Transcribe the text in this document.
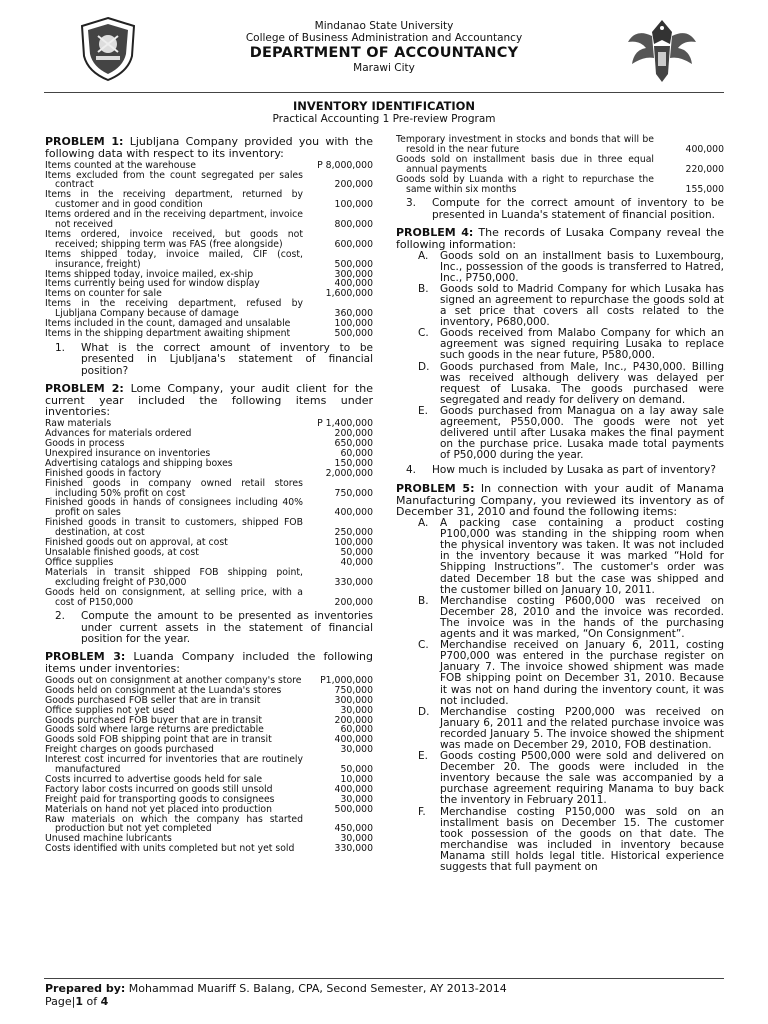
Mindanao State University
College of Business Administration and Accountancy
DEPARTMENT OF ACCOUNTANCY
Marawi City
INVENTORY IDENTIFICATION
Practical Accounting 1 Pre-review Program
PROBLEM 1: Ljubljana Company provided you with the following data with respect to its inventory:
Items counted at the warehouse	P 8,000,000
Items excluded from the count segregated per sales contract	200,000
Items in the receiving department, returned by customer and in good condition	100,000
Items ordered and in the receiving department, invoice not received	800,000
Items ordered, invoice received, but goods not received; shipping term was FAS (free alongside)	600,000
Items shipped today, invoice mailed, CIF (cost, insurance, freight)	500,000
Items shipped today, invoice mailed, ex-ship	300,000
Items currently being used for window display	400,000
Items on counter for sale	1,600,000
Items in the receiving department, refused by Ljubljana Company because of damage	360,000
Items included in the count, damaged and unsalable	100,000
Items in the shipping department awaiting shipment	500,000
1.	What is the correct amount of inventory to be presented in Ljubljana's statement of financial position?
PROBLEM 2: Lome Company, your audit client for the current year included the following items under inventories:
Raw materials	P 1,400,000
Advances for materials ordered	200,000
Goods in process	650,000
Unexpired insurance on inventories	60,000
Advertising catalogs and shipping boxes	150,000
Finished goods in factory	2,000,000
Finished goods in company owned retail stores including 50% profit on cost	750,000
Finished goods in hands of consignees including 40% profit on sales	400,000
Finished goods in transit to customers, shipped FOB destination, at cost	250,000
Finished goods out on approval, at cost	100,000
Unsalable finished goods, at cost	50,000
Office supplies	40,000
Materials in transit shipped FOB shipping point, excluding freight of P30,000	330,000
Goods held on consignment, at selling price, with a cost of P150,000	200,000
2.	Compute the amount to be presented as inventories under current assets in the statement of financial position for the year.
PROBLEM 3: Luanda Company included the following items under inventories:
Goods out on consignment at another company's store	P1,000,000
Goods held on consignment at the Luanda's stores	750,000
Goods purchased FOB seller that are in transit	300,000
Office supplies not yet used	30,000
Goods purchased FOB buyer that are in transit	200,000
Goods sold where large returns are predictable	60,000
Goods sold FOB shipping point that are in transit	400,000
Freight charges on goods purchased	30,000
Interest cost incurred for inventories that are routinely manufactured	50,000
Costs incurred to advertise goods held for sale	10,000
Factory labor costs incurred on goods still unsold	400,000
Freight paid for transporting goods to consignees	30,000
Materials on hand not yet placed into production	500,000
Raw materials on which the company has started production but not yet completed	450,000
Unused machine lubricants	30,000
Costs identified with units completed but not yet sold	330,000
Temporary investment in stocks and bonds that will be resold in the near future	400,000
Goods sold on installment basis due in three equal annual payments	220,000
Goods sold by Luanda with a right to repurchase the same within six months	155,000
3.	Compute for the correct amount of inventory to be presented in Luanda's statement of financial position.
PROBLEM 4: The records of Lusaka Company reveal the following information:
A.	Goods sold on an installment basis to Luxembourg, Inc., possession of the goods is transferred to Hatred, Inc., P750,000.
B.	Goods sold to Madrid Company for which Lusaka has signed an agreement to repurchase the goods sold at a set price that covers all costs related to the inventory, P680,000.
C.	Goods received from Malabo Company for which an agreement was signed requiring Lusaka to replace such goods in the near future, P580,000.
D.	Goods purchased from Male, Inc., P430,000. Billing was received although delivery was delayed per request of Lusaka. The goods purchased were segregated and ready for delivery on demand.
E.	Goods purchased from Managua on a lay away sale agreement, P550,000. The goods were not yet delivered until after Lusaka makes the final payment on the purchase price. Lusaka made total payments of P50,000 during the year.
4.	How much is included by Lusaka as part of inventory?
PROBLEM 5: In connection with your audit of Manama Manufacturing Company, you reviewed its inventory as of December 31, 2010 and found the following items:
A.	A packing case containing a product costing P100,000 was standing in the shipping room when the physical inventory was taken. It was not included in the inventory because it was marked “Hold for Shipping Instructions”. The customer's order was dated December 18 but the case was shipped and the customer billed on January 10, 2011.
B.	Merchandise costing P600,000 was received on December 28, 2010 and the invoice was recorded. The invoice was in the hands of the purchasing agents and it was marked, “On Consignment”.
C.	Merchandise received on January 6, 2011, costing P700,000 was entered in the purchase register on January 7. The invoice showed shipment was made FOB shipping point on December 31, 2010. Because it was not on hand during the inventory count, it was not included.
D.	Merchandise costing P200,000 was received on January 6, 2011 and the related purchase invoice was recorded January 5. The invoice showed the shipment was made on December 29, 2010, FOB destination.
E.	Goods costing P500,000 were sold and delivered on December 20. The goods were included in the inventory because the sale was accompanied by a purchase agreement requiring Manama to buy back the inventory in February 2011.
F.	Merchandise costing P150,000 was sold on an installment basis on December 15. The customer took possession of the goods on that date. The merchandise was included in inventory because Manama still holds legal title. Historical experience suggests that full payment on
Prepared by: Mohammad Muariff S. Balang, CPA, Second Semester, AY 2013-2014
Page|1 of 4
